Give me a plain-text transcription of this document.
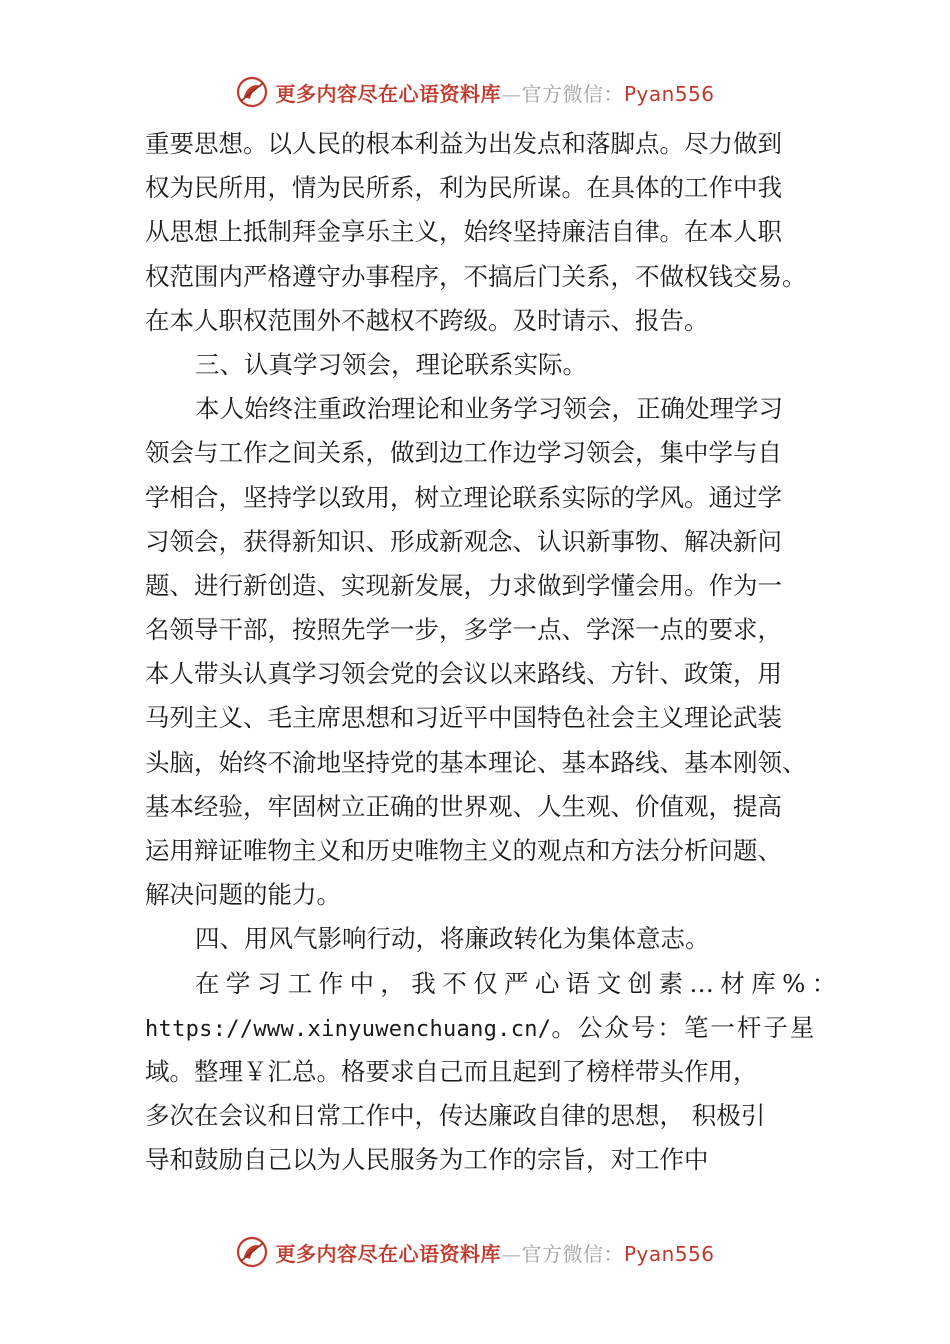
更多内容尽在心语资料库—官方微信：Pyan556
重要思想。以人民的根本利益为出发点和落脚点。尽力做到
权为民所用，情为民所系，利为民所谋。在具体的工作中我
从思想上抵制拜金享乐主义，始终坚持廉洁自律。在本人职
权范围内严格遵守办事程序，不搞后门关系，不做权钱交易。
在本人职权范围外不越权不跨级。及时请示、报告。
三、认真学习领会，理论联系实际。
本人始终注重政治理论和业务学习领会，正确处理学习
领会与工作之间关系，做到边工作边学习领会，集中学与自
学相合，坚持学以致用，树立理论联系实际的学风。通过学
习领会，获得新知识、形成新观念、认识新事物、解决新问
题、进行新创造、实现新发展，力求做到学懂会用。作为一
名领导干部，按照先学一步，多学一点、学深一点的要求，
本人带头认真学习领会党的会议以来路线、方针、政策，用
马列主义、毛主席思想和习近平中国特色社会主义理论武装
头脑，始终不渝地坚持党的基本理论、基本路线、基本刚领、
基本经验，牢固树立正确的世界观、人生观、价值观，提高
运用辩证唯物主义和历史唯物主义的观点和方法分析问题、
解决问题的能力。
四、用风气影响行动，将廉政转化为集体意志。
在学习工作中，我不仅严心语文创素…材库%：
https://www.xinyuwenchuang.cn/。公众号：笔一杆子星
域。整理￥汇总。格要求自己而且起到了榜样带头作用，
多次在会议和日常工作中，传达廉政自律的思想， 积极引
导和鼓励自己以为人民服务为工作的宗旨，对工作中
更多内容尽在心语资料库—官方微信：Pyan556
